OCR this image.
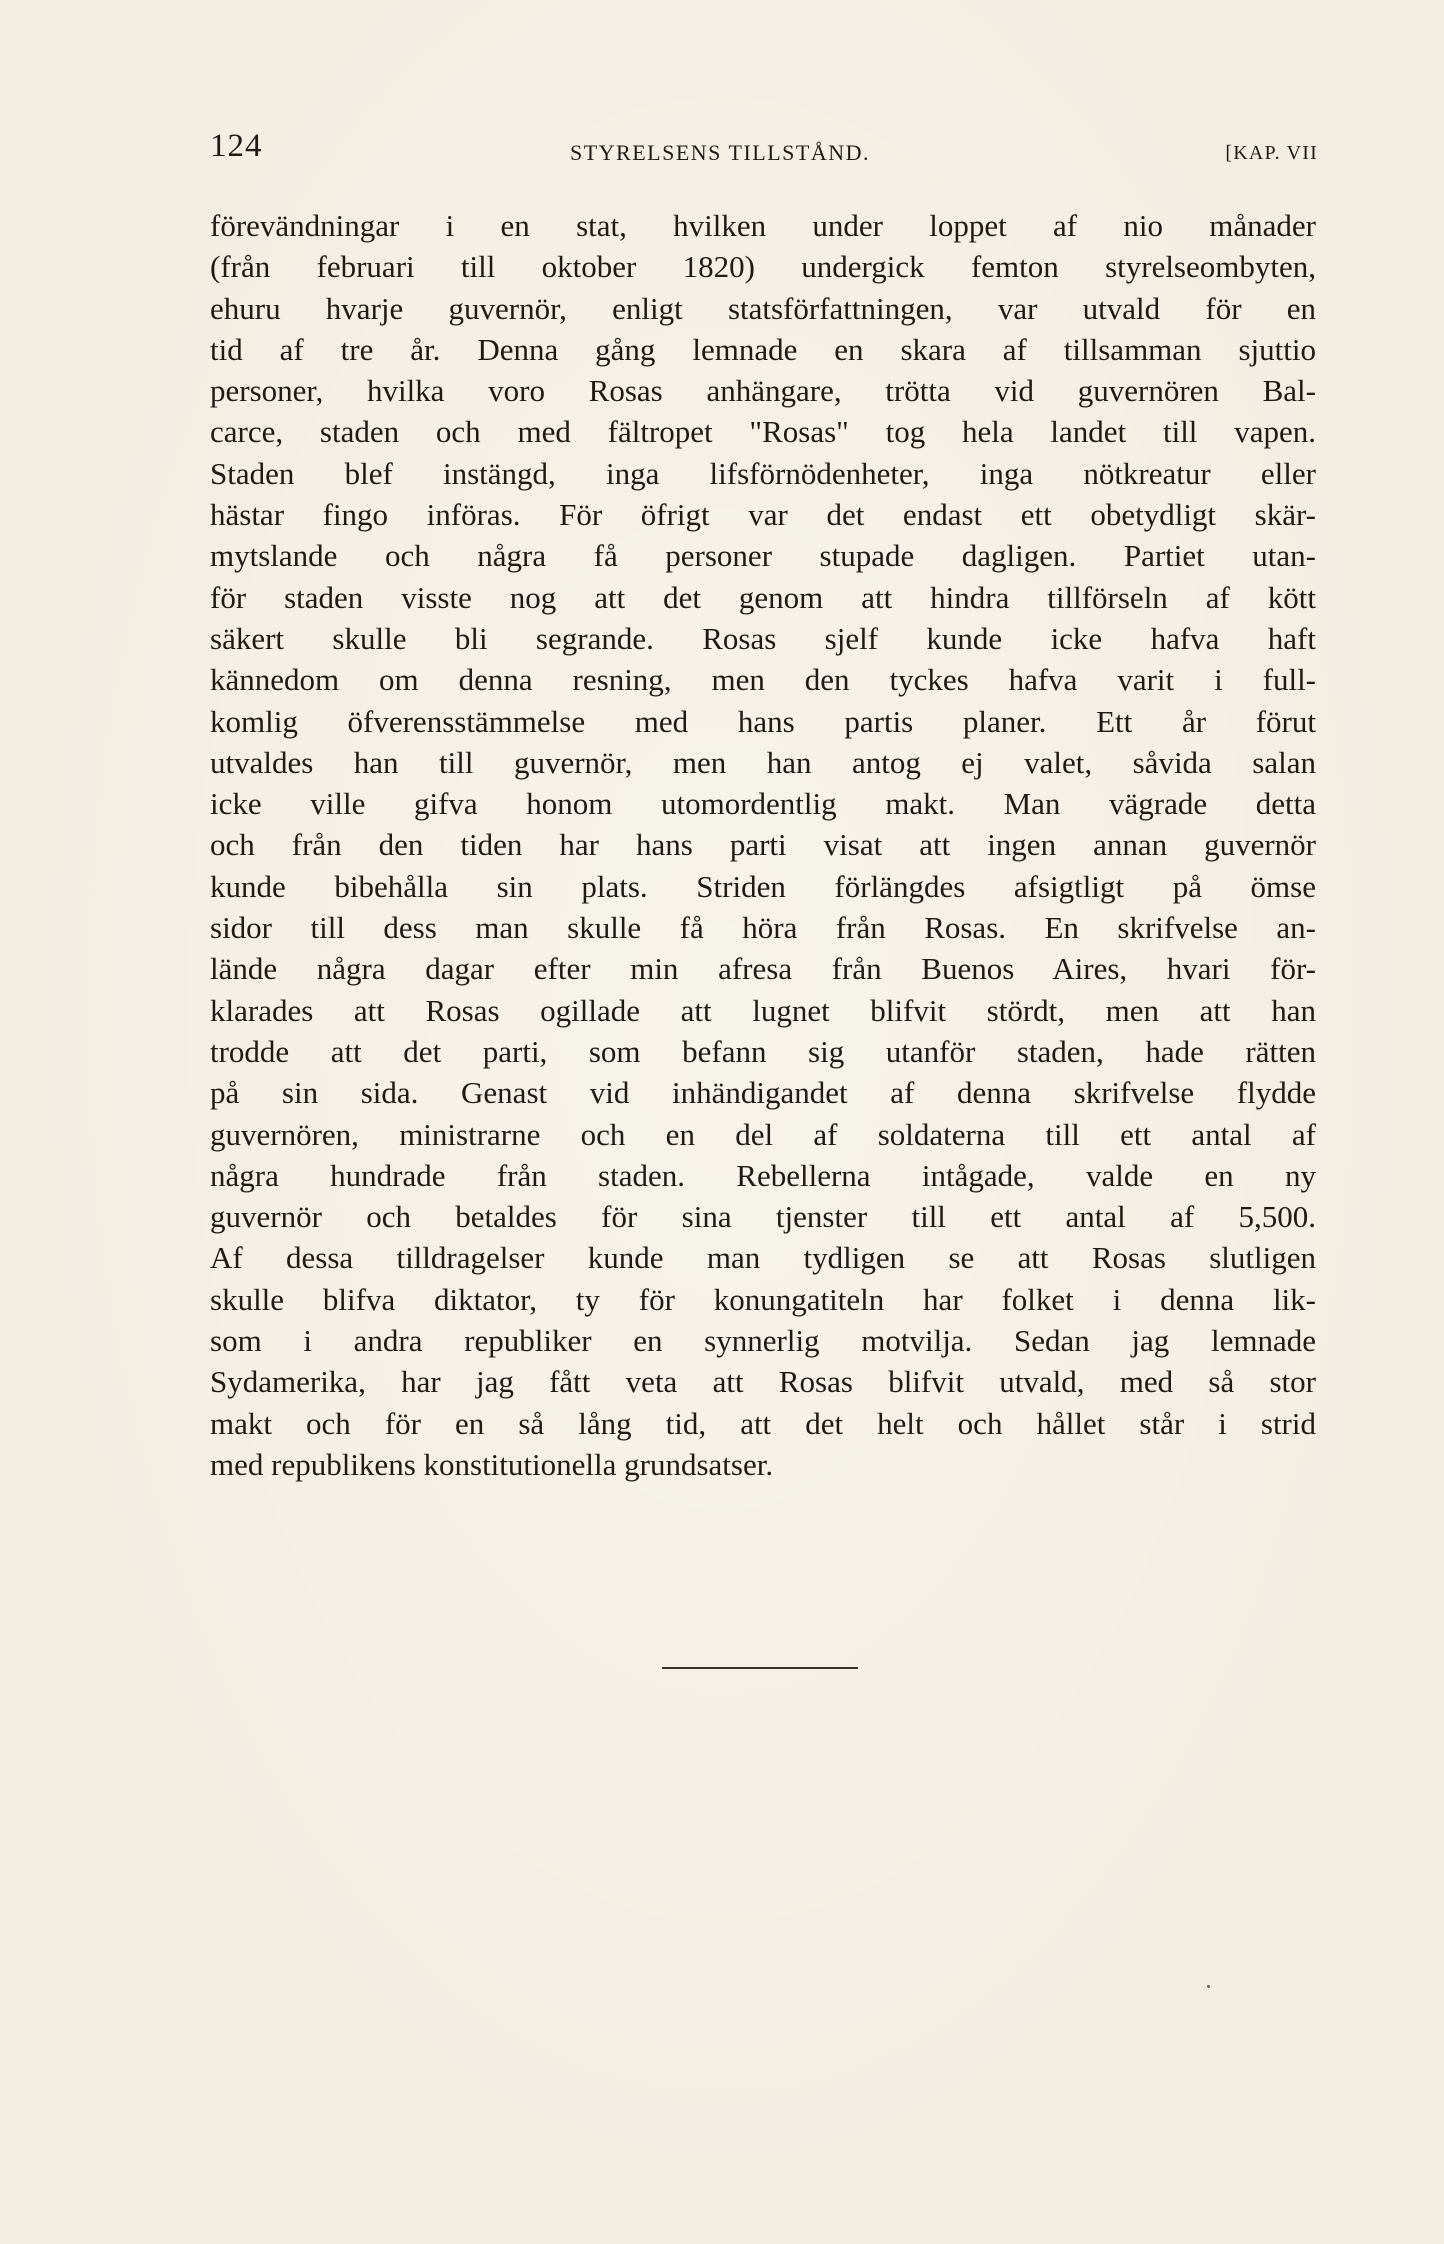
124	STYRELSENS TILLSTÅND.	[KAP. VII
förevändningar i en stat, hvilken under loppet af nio månader
(från februari till oktober 1820) undergick femton styrelseombyten,
ehuru hvarje guvernör, enligt statsförfattningen, var utvald för en
tid af tre år. Denna gång lemnade en skara af tillsamman sjuttio
personer, hvilka voro Rosas anhängare, trötta vid guvernören Bal-
carce, staden och med fältropet "Rosas" tog hela landet till vapen.
Staden blef instängd, inga lifsförnödenheter, inga nötkreatur eller
hästar fingo införas. För öfrigt var det endast ett obetydligt skär-
mytslande och några få personer stupade dagligen. Partiet utan-
för staden visste nog att det genom att hindra tillförseln af kött
säkert skulle bli segrande. Rosas sjelf kunde icke hafva haft
kännedom om denna resning, men den tyckes hafva varit i full-
komlig öfverensstämmelse med hans partis planer. Ett år förut
utvaldes han till guvernör, men han antog ej valet, såvida salan
icke ville gifva honom utomordentlig makt. Man vägrade detta
och från den tiden har hans parti visat att ingen annan guvernör
kunde bibehålla sin plats. Striden förlängdes afsigtligt på ömse
sidor till dess man skulle få höra från Rosas. En skrifvelse an-
lände några dagar efter min afresa från Buenos Aires, hvari för-
klarades att Rosas ogillade att lugnet blifvit stördt, men att han
trodde att det parti, som befann sig utanför staden, hade rätten
på sin sida. Genast vid inhändigandet af denna skrifvelse flydde
guvernören, ministrarne och en del af soldaterna till ett antal af
några hundrade från staden. Rebellerna intågade, valde en ny
guvernör och betaldes för sina tjenster till ett antal af 5,500.
Af dessa tilldragelser kunde man tydligen se att Rosas slutligen
skulle blifva diktator, ty för konungatiteln har folket i denna lik-
som i andra republiker en synnerlig motvilja. Sedan jag lemnade
Sydamerika, har jag fått veta att Rosas blifvit utvald, med så stor
makt och för en så lång tid, att det helt och hållet står i strid
med republikens konstitutionella grundsatser.
